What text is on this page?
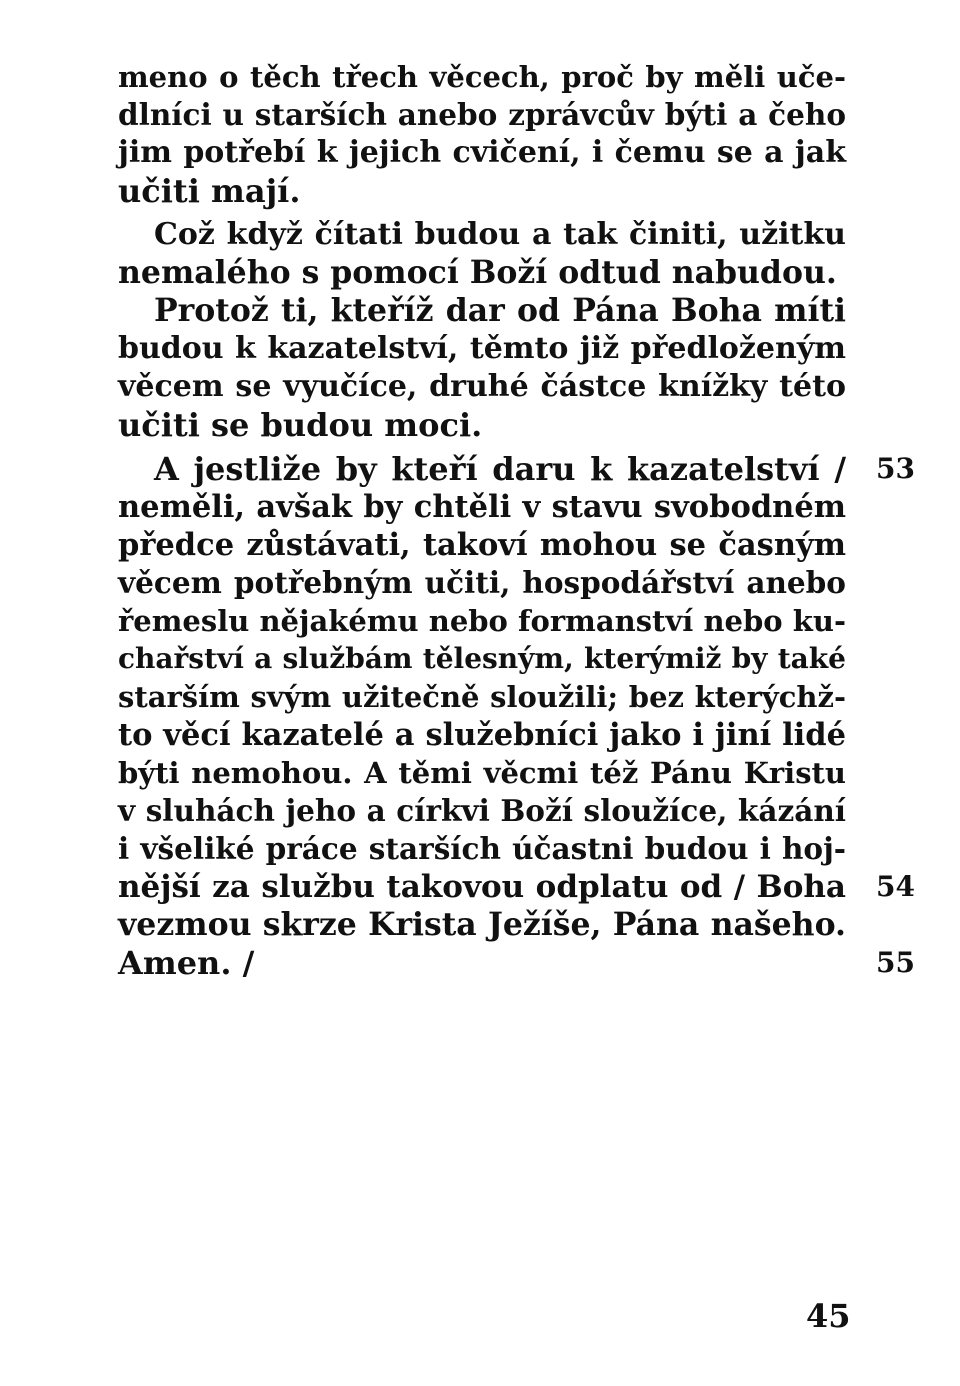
meno o těch třech věcech, proč by měli uče-
dlníci u starších anebo zprávcův býti a čeho
jim potřebí k jejich cvičení, i čemu se a jak
učiti mají.
Což když čítati budou a tak činiti, užitku
nemalého s pomocí Boží odtud nabudou.
Protož ti, kteříž dar od Pána Boha míti
budou k kazatelství, těmto již předloženým
věcem se vyučíce, druhé částce knížky této
učiti se budou moci.
A jestliže by kteří daru k kazatelství / 53
neměli, avšak by chtěli v stavu svobodném
předce zůstávati, takoví mohou se časným
věcem potřebným učiti, hospodářství anebo
řemeslu nějakému nebo formanství nebo ku-
chařství a službám tělesným, kterýmiž by také
starším svým užitečně sloužili; bez kterýchž-
to věcí kazatelé a služebníci jako i jiní lidé
býti nemohou. A těmi věcmi též Pánu Kristu
v sluhách jeho a církvi Boží sloužíce, kázání
i všeliké práce starších účastni budou i hoj-
nější za službu takovou odplatu od / Boha 54
vezmou skrze Krista Ježíše, Pána našeho.
Amen. /	55
45
